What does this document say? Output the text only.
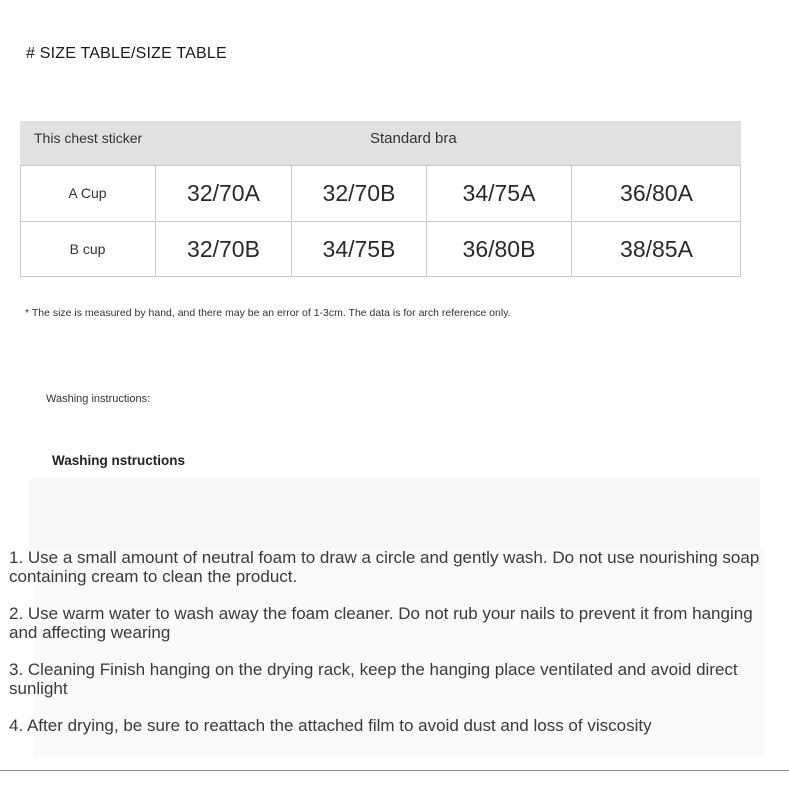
# SIZE TABLE/SIZE TABLE
This chest sticker	Standard bra
A Cup	32/70A	32/70B	34/75A	36/80A
B cup	32/70B	34/75B	36/80B	38/85A
* The size is measured by hand, and there may be an error of 1-3cm. The data is for arch reference only.
Washing instructions:
Washing nstructions

1. Use a small amount of neutral foam to draw a circle and gently wash. Do not use nourishing soap containing cream to clean the product.

2. Use warm water to wash away the foam cleaner. Do not rub your nails to prevent it from hanging and affecting wearing

3. Cleaning Finish hanging on the drying rack, keep the hanging place ventilated and avoid direct sunlight

4. After drying, be sure to reattach the attached film to avoid dust and loss of viscosity
